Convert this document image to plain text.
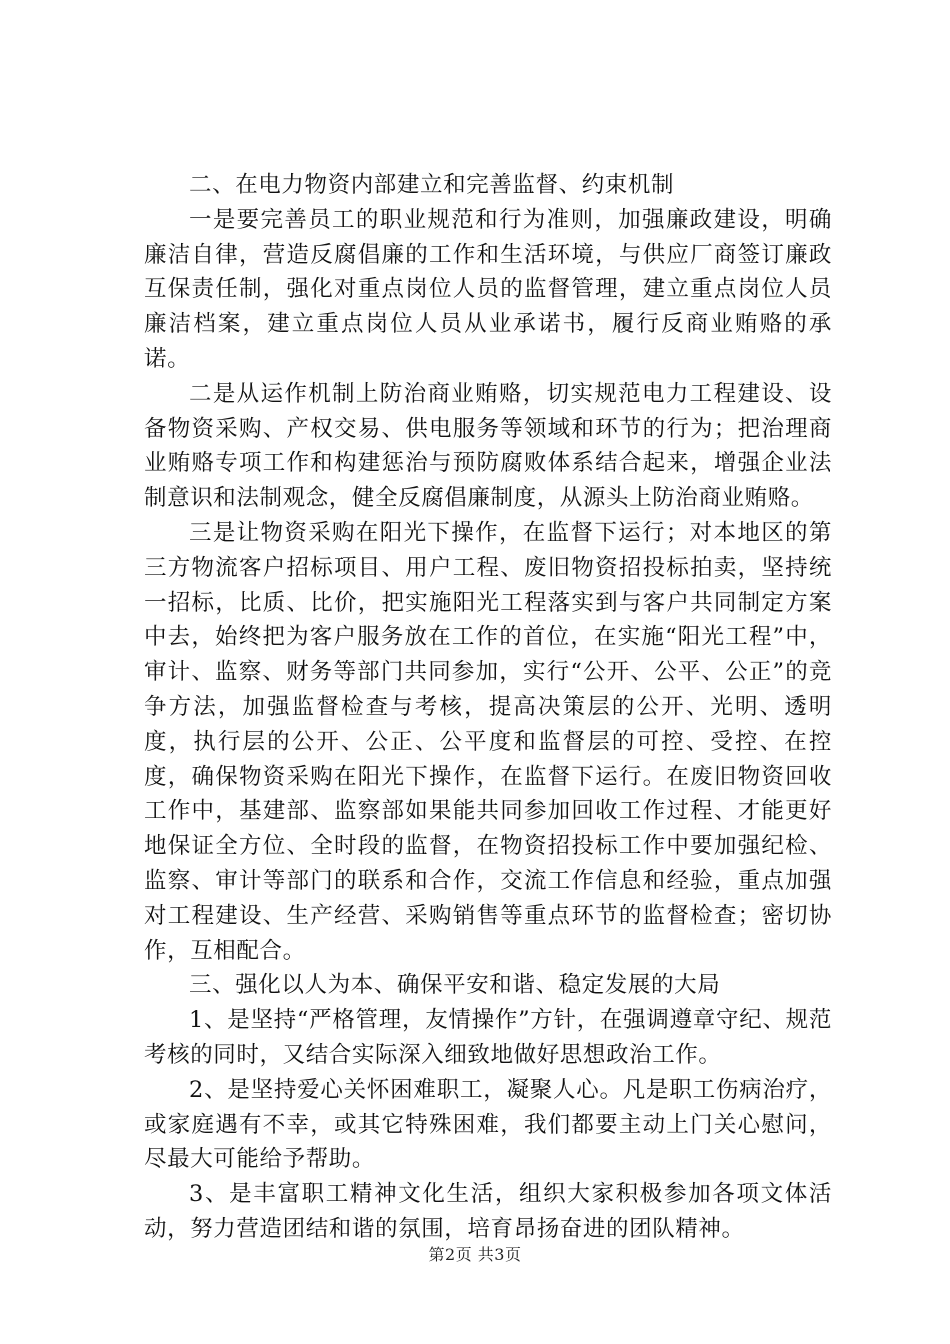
二、在电力物资内部建立和完善监督、约束机制

一是要完善员工的职业规范和行为准则，加强廉政建设，明确廉洁自律，营造反腐倡廉的工作和生活环境，与供应厂商签订廉政互保责任制，强化对重点岗位人员的监督管理，建立重点岗位人员廉洁档案，建立重点岗位人员从业承诺书，履行反商业贿赂的承诺。

二是从运作机制上防治商业贿赂，切实规范电力工程建设、设备物资采购、产权交易、供电服务等领域和环节的行为；把治理商业贿赂专项工作和构建惩治与预防腐败体系结合起来，增强企业法制意识和法制观念，健全反腐倡廉制度，从源头上防治商业贿赂。

三是让物资采购在阳光下操作，在监督下运行；对本地区的第三方物流客户招标项目、用户工程、废旧物资招投标拍卖，坚持统一招标，比质、比价，把实施阳光工程落实到与客户共同制定方案中去，始终把为客户服务放在工作的首位，在实施“阳光工程”中，审计、监察、财务等部门共同参加，实行“公开、公平、公正”的竞争方法，加强监督检查与考核，提高决策层的公开、光明、透明度，执行层的公开、公正、公平度和监督层的可控、受控、在控度，确保物资采购在阳光下操作，在监督下运行。在废旧物资回收工作中，基建部、监察部如果能共同参加回收工作过程、才能更好地保证全方位、全时段的监督，在物资招投标工作中要加强纪检、监察、审计等部门的联系和合作，交流工作信息和经验，重点加强对工程建设、生产经营、采购销售等重点环节的监督检查；密切协作，互相配合。

三、强化以人为本、确保平安和谐、稳定发展的大局

1、是坚持“严格管理，友情操作”方针，在强调遵章守纪、规范考核的同时，又结合实际深入细致地做好思想政治工作。

2、是坚持爱心关怀困难职工，凝聚人心。凡是职工伤病治疗，或家庭遇有不幸，或其它特殊困难，我们都要主动上门关心慰问，尽最大可能给予帮助。

3、是丰富职工精神文化生活，组织大家积极参加各项文体活动，努力营造团结和谐的氛围，培育昂扬奋进的团队精神。

第2页 共3页
